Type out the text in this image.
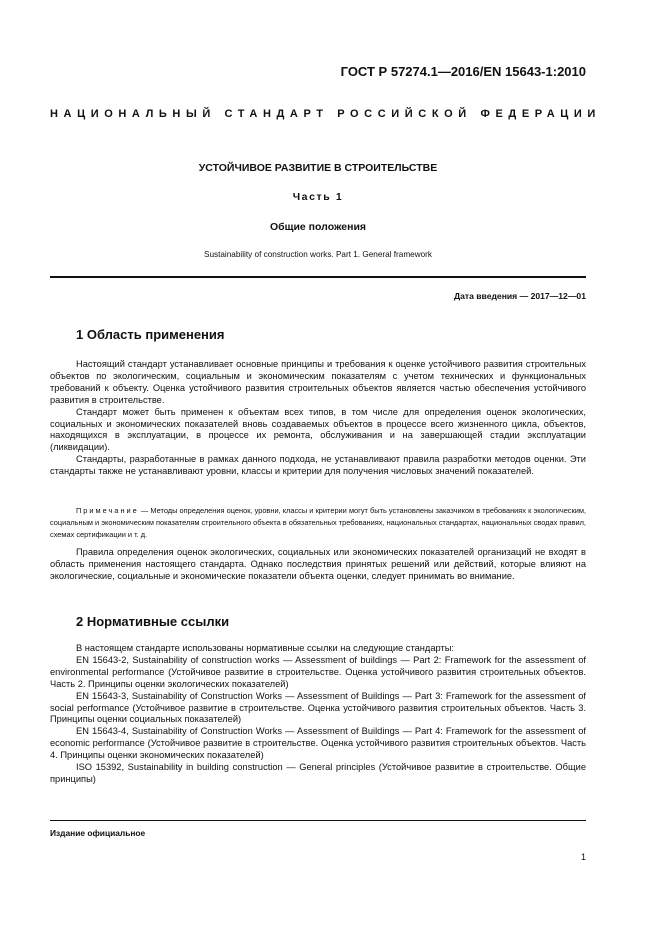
ГОСТ Р 57274.1—2016/EN 15643-1:2010
НАЦИОНАЛЬНЫЙ СТАНДАРТ РОССИЙСКОЙ ФЕДЕРАЦИИ
УСТОЙЧИВОЕ РАЗВИТИЕ В СТРОИТЕЛЬСТВЕ
Часть 1
Общие положения
Sustainability of construction works. Part 1. General framework
Дата введения — 2017—12—01
1 Область применения

Настоящий стандарт устанавливает основные принципы и требования к оценке устойчивого развития строительных объектов по экологическим, социальным и экономическим показателям с учетом технических и функциональных требований к объекту. Оценка устойчивого развития строительных объектов является частью обеспечения устойчивого развития в строительстве.

Стандарт может быть применен к объектам всех типов, в том числе для определения оценок экологических, социальных и экономических показателей вновь создаваемых объектов в процессе всего жизненного цикла, объектов, находящихся в эксплуатации, в процессе их ремонта, обслуживания и на завершающей стадии эксплуатации (ликвидации).

Стандарты, разработанные в рамках данного подхода, не устанавливают правила разработки методов оценки. Эти стандарты также не устанавливают уровни, классы и критерии для получения числовых значений показателей.

Примечание — Методы определения оценок, уровни, классы и критерии могут быть установлены заказчиком в требованиях к экологическим, социальным и экономическим показателям строительного объекта в обязательных требованиях, национальных стандартах, национальных сводах правил, схемах сертификации и т. д.

Правила определения оценок экологических, социальных или экономических показателей организаций не входят в область применения настоящего стандарта. Однако последствия принятых решений или действий, которые влияют на экологические, социальные и экономические показатели объекта оценки, следует принимать во внимание.

2 Нормативные ссылки

В настоящем стандарте использованы нормативные ссылки на следующие стандарты:

EN 15643-2, Sustainability of construction works — Assessment of buildings — Part 2: Framework for the assessment of environmental performance (Устойчивое развитие в строительстве. Оценка устойчивого развития строительных объектов. Часть 2. Принципы оценки экологических показателей)

EN 15643-3, Sustainability of Construction Works — Assessment of Buildings — Part 3: Framework for the assessment of social performance (Устойчивое развитие в строительстве. Оценка устойчивого развития строительных объектов. Часть 3. Принципы оценки социальных показателей)

EN 15643-4, Sustainability of Construction Works — Assessment of Buildings — Part 4: Framework for the assessment of economic performance (Устойчивое развитие в строительстве. Оценка устойчивого развития строительных объектов. Часть 4. Принципы оценки экономических показателей)

ISO 15392, Sustainability in building construction — General principles (Устойчивое развитие в строительстве. Общие принципы)

Издание официальное
1
